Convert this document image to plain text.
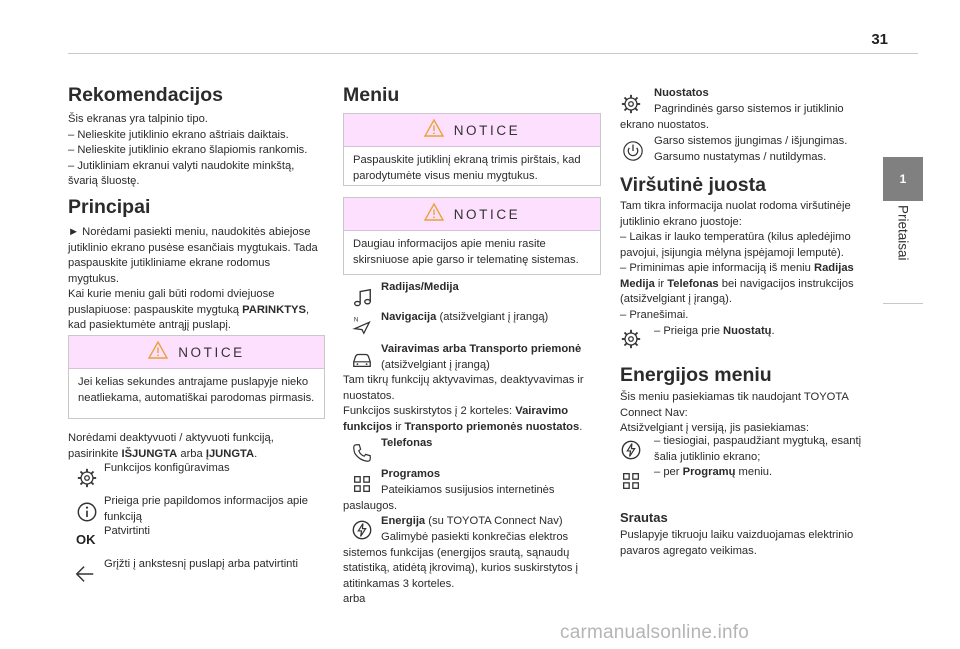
31
1
Prietaisai
Rekomendacijos
Šis ekranas yra talpinio tipo.
– Nelieskite jutiklinio ekrano aštriais daiktais.
– Nelieskite jutiklinio ekrano šlapiomis rankomis.
– Jutikliniam ekranui valyti naudokite minkštą,
švarią šluostę.
Principai
► Norėdami pasiekti meniu, naudokitės abiejose jutiklinio ekrano pusėse esančiais mygtukais. Tada paspauskite jutikliniame ekrane rodomus mygtukus.
Kai kurie meniu gali būti rodomi dviejuose puslapiuose: paspauskite mygtuką PARINKTYS, kad pasiektumėte antrąjį puslapį.
NOTICE
Jei kelias sekundes antrajame puslapyje nieko neatliekama, automatiškai parodomas pirmasis.
Norėdami deaktyvuoti / aktyvuoti funkciją, pasirinkite IŠJUNGTA arba ĮJUNGTA.
Funkcijos konfigūravimas
Prieiga prie papildomos informacijos apie funkciją
OK
Patvirtinti
Grįžti į ankstesnį puslapį arba patvirtinti
Meniu
NOTICE
Paspauskite jutiklinį ekraną trimis pirštais, kad parodytumėte visus meniu mygtukus.
NOTICE
Daugiau informacijos apie meniu rasite skirsniuose apie garso ir telematinę sistemas.
Radijas/Medija
N Navigacija (atsižvelgiant į įrangą)
Vairavimas arba Transporto priemonė
(atsižvelgiant į įrangą)
Tam tikrų funkcijų aktyvavimas, deaktyvavimas ir nuostatos.
Funkcijos suskirstytos į 2 korteles: Vairavimo funkcijos ir Transporto priemonės nuostatos.
Telefonas
Programos

Pateikiamos susijusios internetinės paslaugos.
Energija (su TOYOTA Connect Nav)
Galimybė pasiekti konkrečias elektros sistemos funkcijas (energijos srautą, sąnaudų statistiką, atidėtą įkrovimą), kurios suskirstytos į atitinkamas 3 korteles.
arba
Nuostatos
Pagrindinės garso sistemos ir jutiklinio ekrano nuostatos.
Garso sistemos įjungimas / išjungimas. Garsumo nustatymas / nutildymas.
Viršutinė juosta
Tam tikra informacija nuolat rodoma viršutinėje jutiklinio ekrano juostoje:
– Laikas ir lauko temperatūra (kilus apledėjimo pavojui, įsijungia mėlyna įspėjamoji lemputė).
– Priminimas apie informaciją iš meniu Radijas Medija ir Telefonas bei navigacijos instrukcijos (atsižvelgiant į įrangą).
– Pranešimai.
– Prieiga prie Nuostatų.
Energijos meniu
Šis meniu pasiekiamas tik naudojant TOYOTA Connect Nav:
Atsižvelgiant į versiją, jis pasiekiamas:
– tiesiogiai, paspaudžiant mygtuką, esantį šalia jutiklinio ekrano;
– per Programų meniu.
Srautas
Puslapyje tikruoju laiku vaizduojamas elektrinio pavaros agregato veikimas.
carmanualsonline.info
